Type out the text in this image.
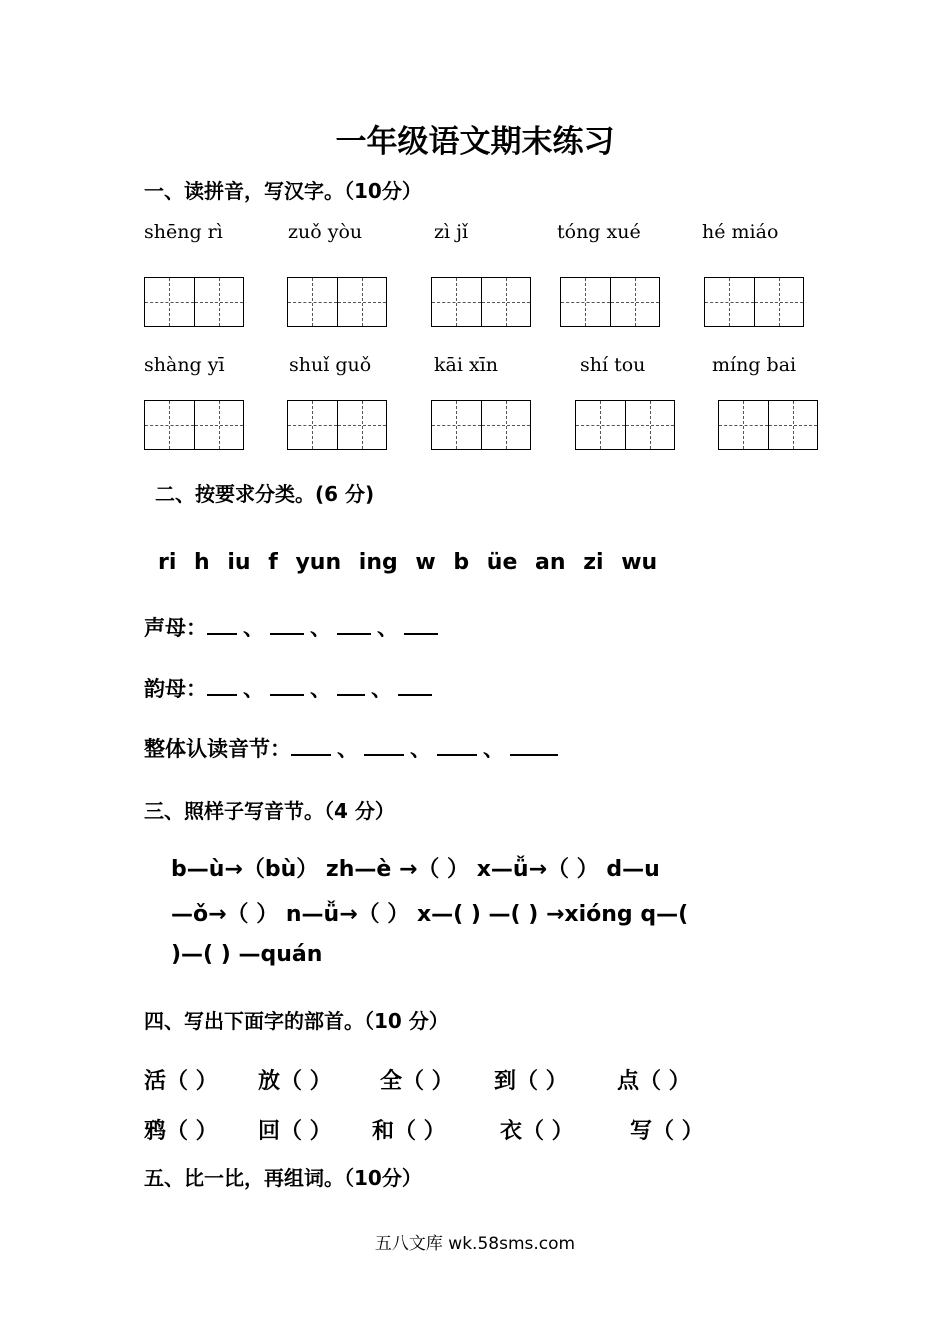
一年级语文期末练习
一、读拼音，写汉字。（10分）
shēng rì	zuǒ yòu	zì jǐ	tóng xué	hé miáo
shàng yī	shuǐ guǒ	kāi xīn	shí tou	míng bai
二、按要求分类。(6 分)
ri h iu f yun ing w b üe an zi wu
声母： 、 、 、
韵母： 、 、 、
整体认读音节： 、 、 、
三、照样子写音节。（4 分）
b—ù→（bù） zh—è →（ ） x—ǚ→（ ） d—u
—ǒ→（ ） n—ǚ→（ ） x—( ) —( ) →xióng q—(
)—( ) —quán
四、写出下面字的部首。（10 分）
活（ ） 放（ ） 全（ ） 到（ ） 点（ ）
鸦（ ） 回（ ） 和（ ） 衣（ ）	写（ ）
五、比一比，再组词。（10分）
五八文库 wk.58sms.com
